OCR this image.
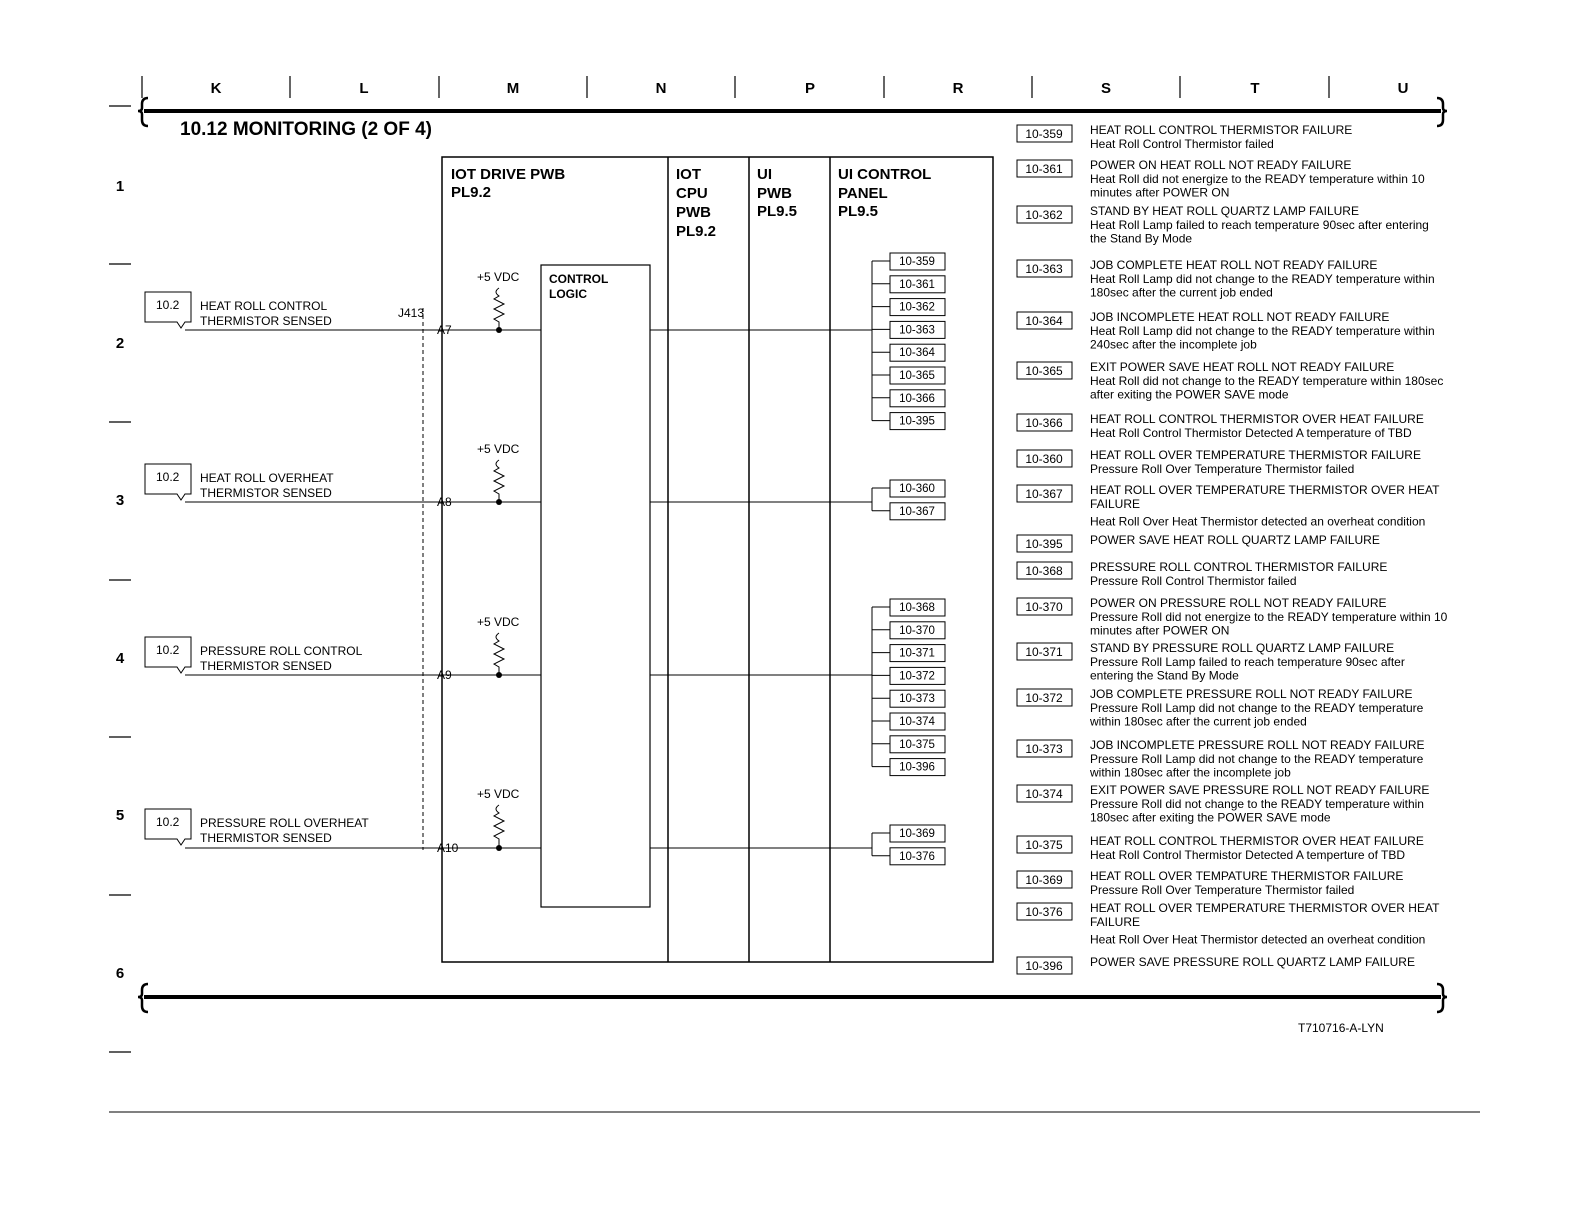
K	L	M	N	P	R	S	T	U
1
2
3
4
5
6
10.12 MONITORING (2 OF 4)
IOT DRIVE PWB
PL9.2
IOT
CPU
PWB
PL9.2
UI
PWB
PL9.5
UI CONTROL
PANEL
PL9.5
CONTROL
LOGIC
J413
10.2 HEAT ROLL CONTROL
THERMISTOR SENSED
A7
+5 VDC
10-359
10-361
10-362
10-363
10-364
10-365
10-366
10-395
10.2 HEAT ROLL OVERHEAT
THERMISTOR SENSED
A8
+5 VDC
10-360
10-367
10.2 PRESSURE ROLL CONTROL
THERMISTOR SENSED
A9
+5 VDC
10-368
10-370
10-371
10-372
10-373
10-374
10-375
10-396
10.2 PRESSURE ROLL OVERHEAT
THERMISTOR SENSED
A10
+5 VDC
10-369
10-376
10-359 HEAT ROLL CONTROL THERMISTOR FAILURE
Heat Roll Control Thermistor failed
10-361 POWER ON HEAT ROLL NOT READY FAILURE
Heat Roll did not energize to the READY temperature within 10
minutes after POWER ON
10-362 STAND BY HEAT ROLL QUARTZ LAMP FAILURE
Heat Roll Lamp failed to reach temperature 90sec after entering
the Stand By Mode
10-363 JOB COMPLETE HEAT ROLL NOT READY FAILURE
Heat Roll Lamp did not change to the READY temperature within
180sec after the current job ended
10-364 JOB INCOMPLETE HEAT ROLL NOT READY FAILURE
Heat Roll Lamp did not change to the READY temperature within
240sec after the incomplete job
10-365 EXIT POWER SAVE HEAT ROLL NOT READY FAILURE
Heat Roll did not change to the READY temperature within 180sec
after exiting the POWER SAVE mode
10-366 HEAT ROLL CONTROL THERMISTOR OVER HEAT FAILURE
Heat Roll Control Thermistor Detected A temperature of TBD
10-360 HEAT ROLL OVER TEMPERATURE THERMISTOR FAILURE
Pressure Roll Over Temperature Thermistor failed
10-367 HEAT ROLL OVER TEMPERATURE THERMISTOR OVER HEAT
FAILURE
Heat Roll Over Heat Thermistor detected an overheat condition
10-395 POWER SAVE HEAT ROLL QUARTZ LAMP FAILURE
10-368 PRESSURE ROLL CONTROL THERMISTOR FAILURE
Pressure Roll Control Thermistor failed
10-370 POWER ON PRESSURE ROLL NOT READY FAILURE
Pressure Roll did not energize to the READY temperature within 10
minutes after POWER ON
10-371 STAND BY PRESSURE ROLL QUARTZ LAMP FAILURE
Pressure Roll Lamp failed to reach temperature 90sec after
entering the Stand By Mode
10-372 JOB COMPLETE PRESSURE ROLL NOT READY FAILURE
Pressure Roll Lamp did not change to the READY temperature
within 180sec after the current job ended
10-373 JOB INCOMPLETE PRESSURE ROLL NOT READY FAILURE
Pressure Roll Lamp did not change to the READY temperature
within 180sec after the incomplete job
10-374 EXIT POWER SAVE PRESSURE ROLL NOT READY FAILURE
Pressure Roll did not change to the READY temperature within
180sec after exiting the POWER SAVE mode
10-375 HEAT ROLL CONTROL THERMISTOR OVER HEAT FAILURE
Heat Roll Control Thermistor Detected A temperture of TBD
10-369 HEAT ROLL OVER TEMPATURE THERMISTOR FAILURE
Pressure Roll Over Temperature Thermistor failed
10-376 HEAT ROLL OVER TEMPERATURE THERMISTOR OVER HEAT
FAILURE
Heat Roll Over Heat Thermistor detected an overheat condition
10-396 POWER SAVE PRESSURE ROLL QUARTZ LAMP FAILURE
T710716-A-LYN
